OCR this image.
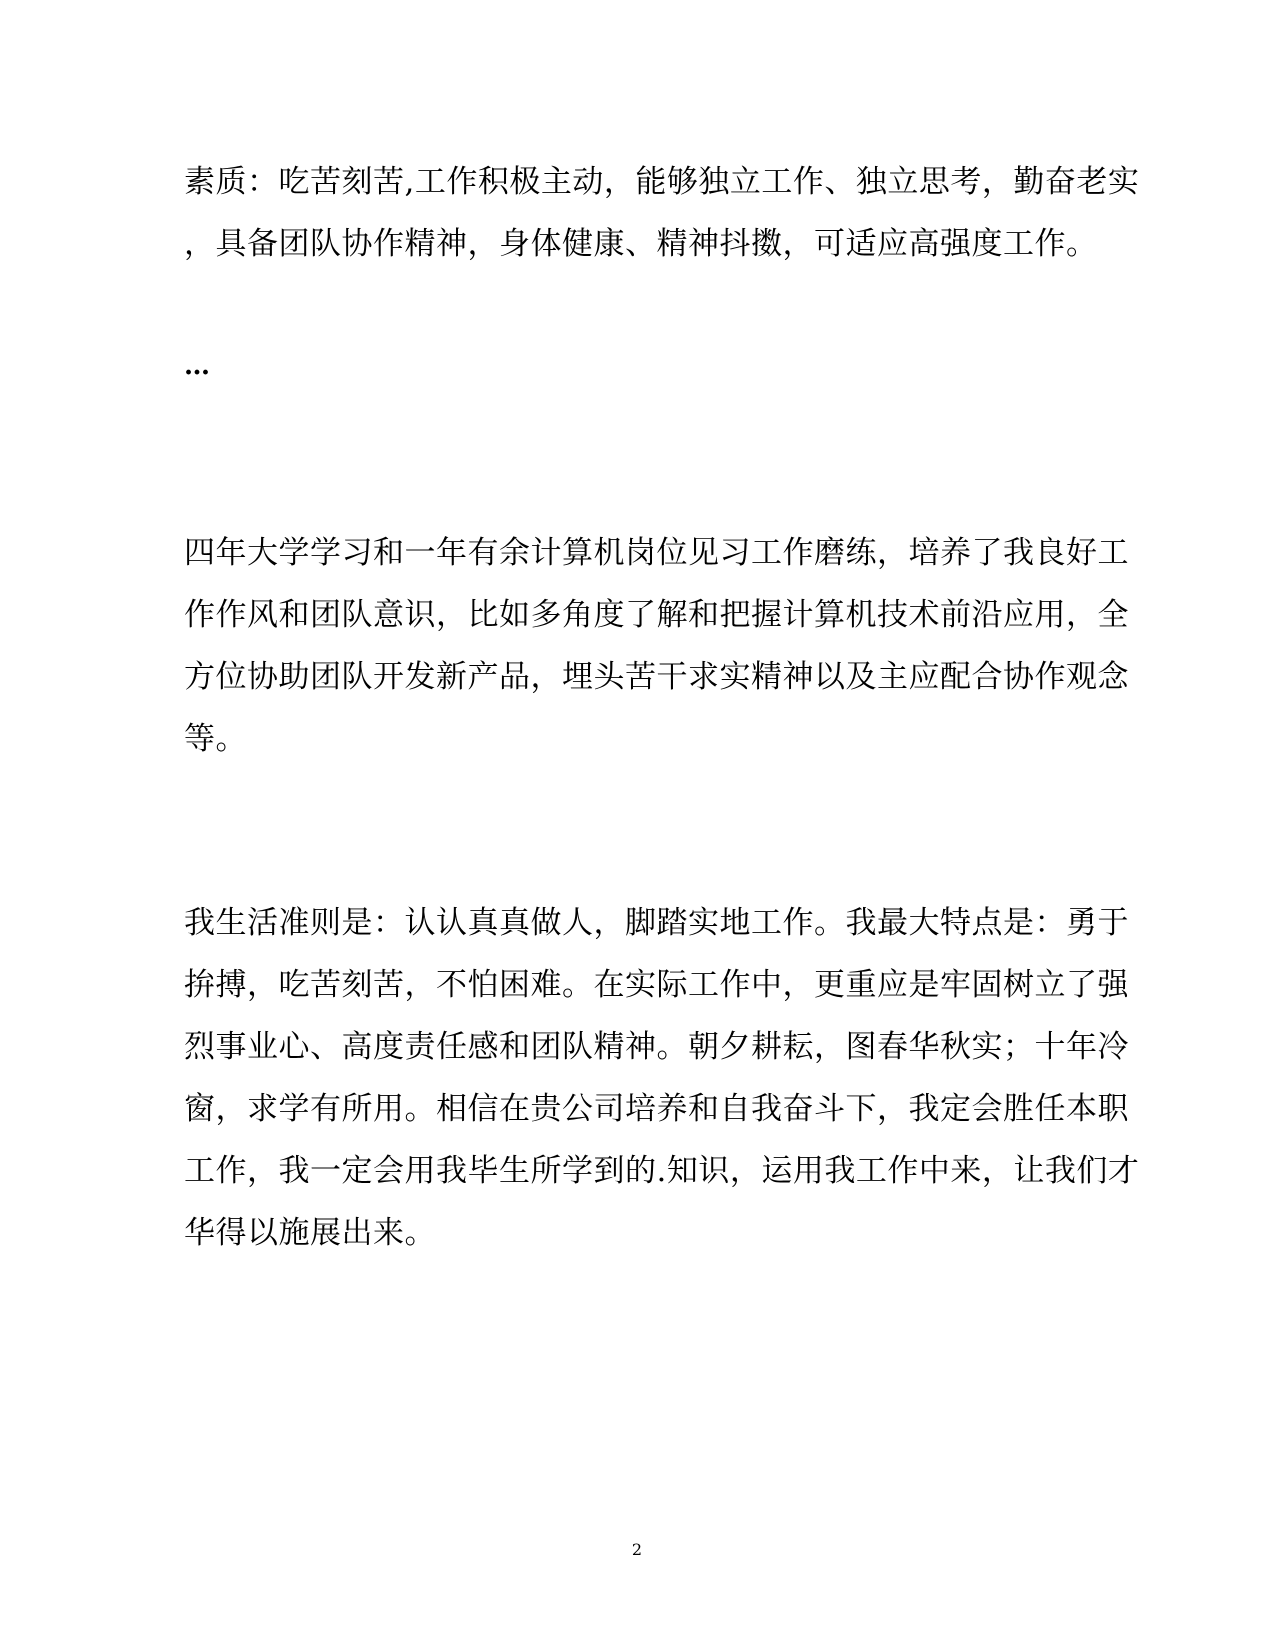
素质：吃苦刻苦,工作积极主动，能够独立工作、独立思考，勤奋老实
，具备团队协作精神，身体健康、精神抖擞，可适应高强度工作。
…
四年大学学习和一年有余计算机岗位见习工作磨练，培养了我良好工
作作风和团队意识，比如多角度了解和把握计算机技术前沿应用，全
方位协助团队开发新产品，埋头苦干求实精神以及主应配合协作观念
等。
我生活准则是：认认真真做人，脚踏实地工作。我最大特点是：勇于
拚搏，吃苦刻苦，不怕困难。在实际工作中，更重应是牢固树立了强
烈事业心、高度责任感和团队精神。朝夕耕耘，图春华秋实；十年冷
窗，求学有所用。相信在贵公司培养和自我奋斗下，我定会胜任本职
工作，我一定会用我毕生所学到的.知识，运用我工作中来，让我们才
华得以施展出来。
2
